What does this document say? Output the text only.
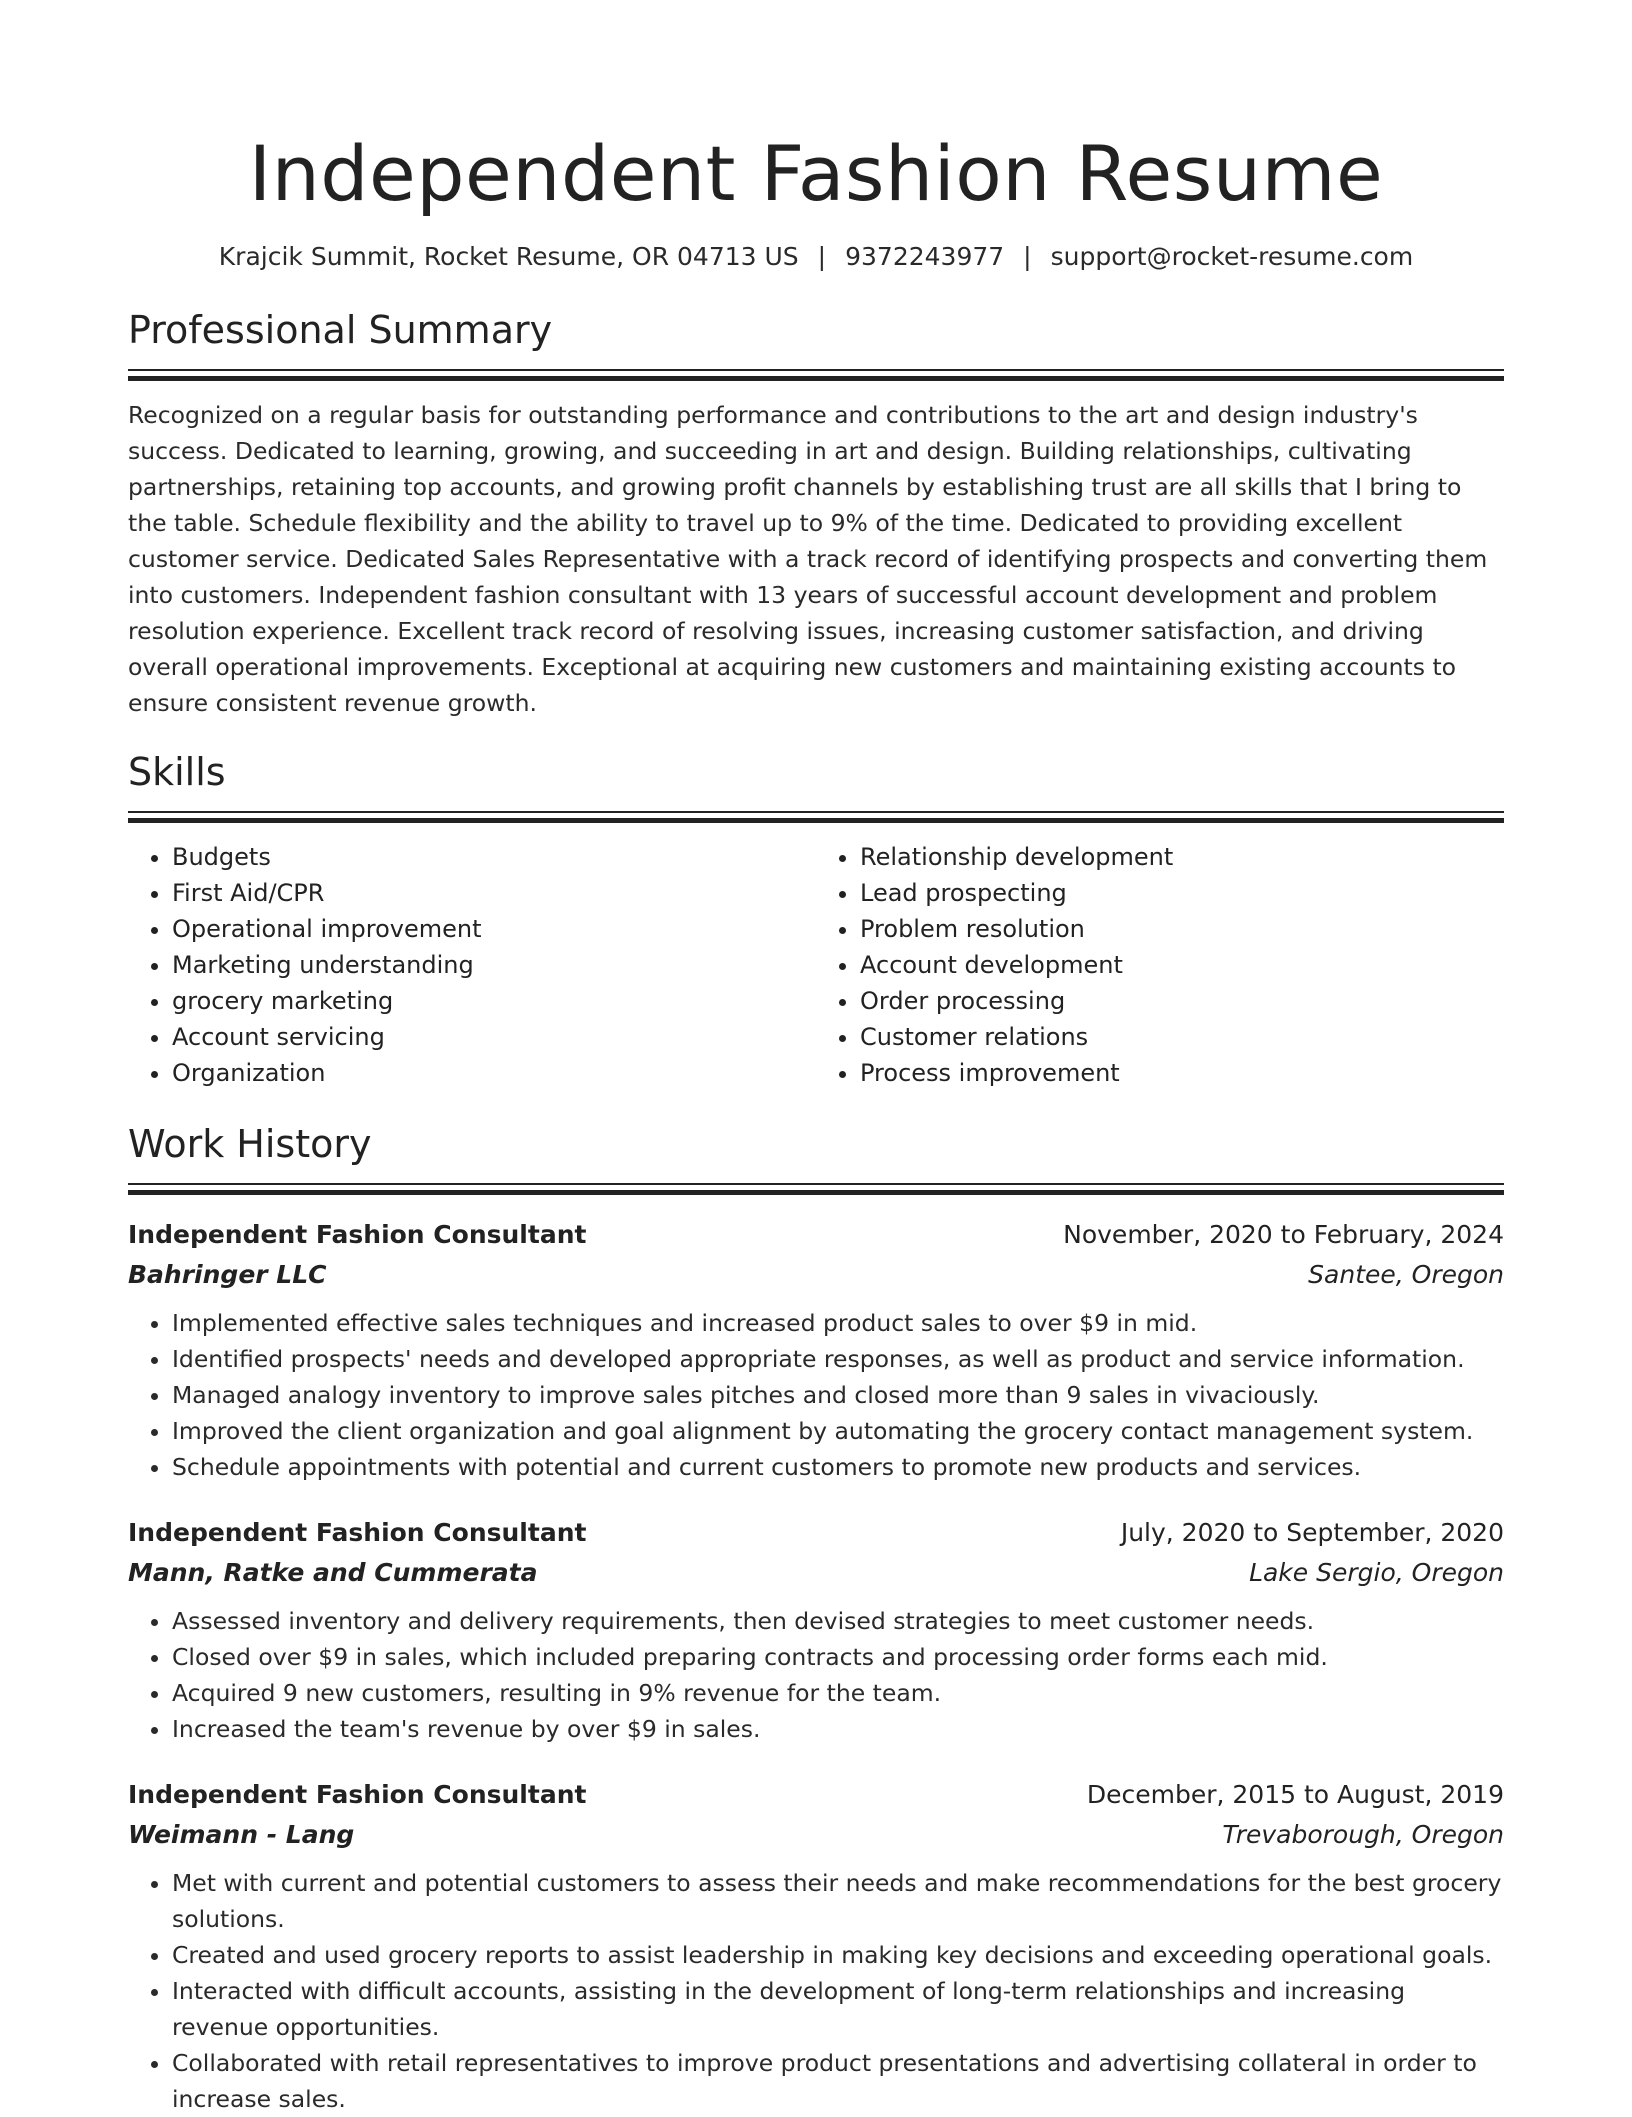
Independent Fashion Resume
Krajcik Summit, Rocket Resume, OR 04713 US | 9372243977 | support@rocket-resume.com
Professional Summary

Recognized on a regular basis for outstanding performance and contributions to the art and design industry's success. Dedicated to learning, growing, and succeeding in art and design. Building relationships, cultivating partnerships, retaining top accounts, and growing profit channels by establishing trust are all skills that I bring to the table. Schedule flexibility and the ability to travel up to 9% of the time. Dedicated to providing excellent customer service. Dedicated Sales Representative with a track record of identifying prospects and converting them into customers. Independent fashion consultant with 13 years of successful account development and problem resolution experience. Excellent track record of resolving issues, increasing customer satisfaction, and driving overall operational improvements. Exceptional at acquiring new customers and maintaining existing accounts to ensure consistent revenue growth.

Skills
• Budgets
• First Aid/CPR
• Operational improvement
• Marketing understanding
• grocery marketing
• Account servicing
• Organization
• Relationship development
• Lead prospecting
• Problem resolution
• Account development
• Order processing
• Customer relations
• Process improvement
Work History
Independent Fashion Consultant	November, 2020 to February, 2024
Bahringer LLC	Santee, Oregon
• Implemented effective sales techniques and increased product sales to over $9 in mid.
• Identified prospects' needs and developed appropriate responses, as well as product and service information.
• Managed analogy inventory to improve sales pitches and closed more than 9 sales in vivaciously.
• Improved the client organization and goal alignment by automating the grocery contact management system.
• Schedule appointments with potential and current customers to promote new products and services.
Independent Fashion Consultant	July, 2020 to September, 2020
Mann, Ratke and Cummerata	Lake Sergio, Oregon
• Assessed inventory and delivery requirements, then devised strategies to meet customer needs.
• Closed over $9 in sales, which included preparing contracts and processing order forms each mid.
• Acquired 9 new customers, resulting in 9% revenue for the team.
• Increased the team's revenue by over $9 in sales.
Independent Fashion Consultant	December, 2015 to August, 2019
Weimann - Lang	Trevaborough, Oregon
• Met with current and potential customers to assess their needs and make recommendations for the best grocery solutions.
• Created and used grocery reports to assist leadership in making key decisions and exceeding operational goals.
• Interacted with difficult accounts, assisting in the development of long-term relationships and increasing revenue opportunities.
• Collaborated with retail representatives to improve product presentations and advertising collateral in order to increase sales.
